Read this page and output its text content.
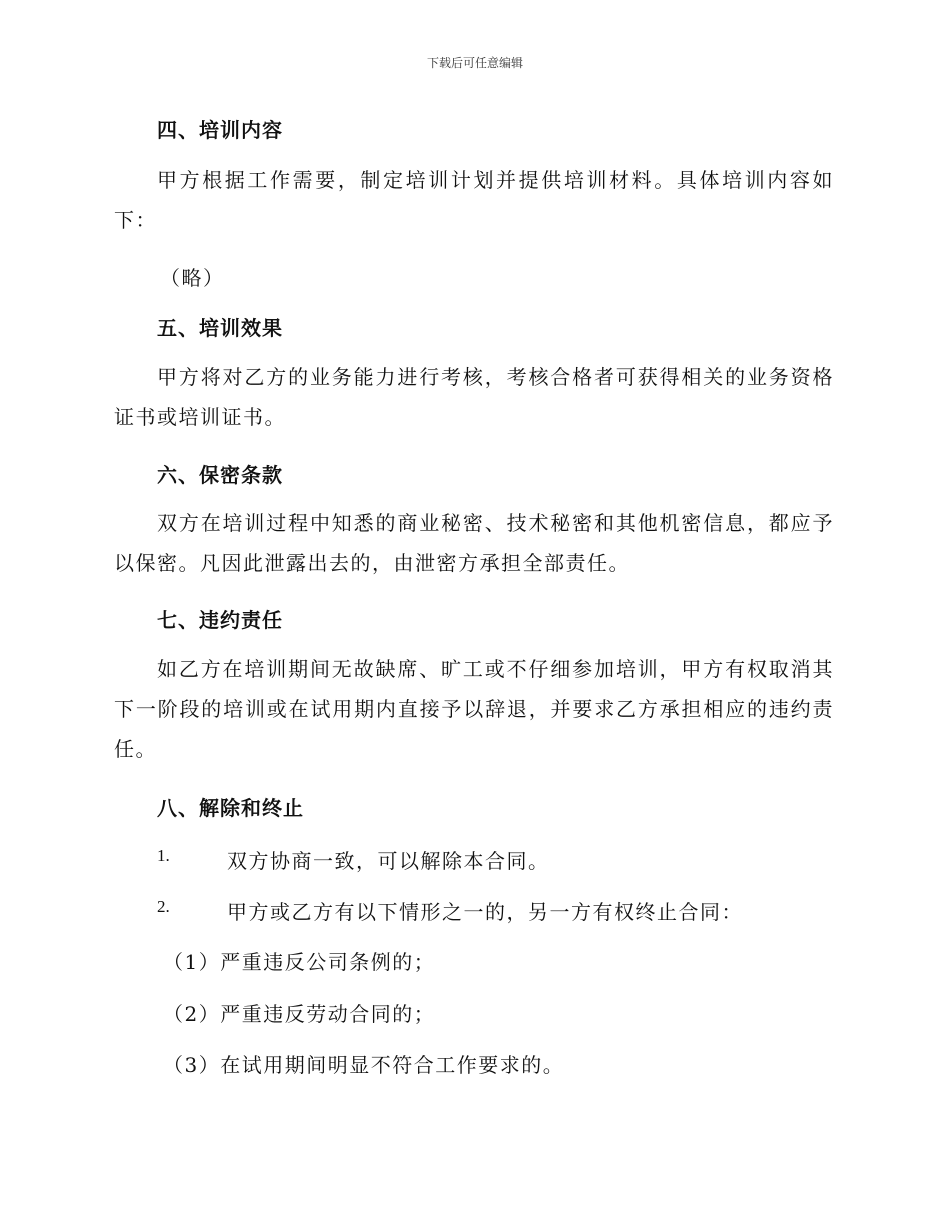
下载后可任意编辑
四、培训内容
甲方根据工作需要，制定培训计划并提供培训材料。具体培训内容如下：
（略）
五、培训效果
甲方将对乙方的业务能力进行考核，考核合格者可获得相关的业务资格证书或培训证书。
六、保密条款
双方在培训过程中知悉的商业秘密、技术秘密和其他机密信息，都应予以保密。凡因此泄露出去的，由泄密方承担全部责任。
七、违约责任
如乙方在培训期间无故缺席、旷工或不仔细参加培训，甲方有权取消其下一阶段的培训或在试用期内直接予以辞退，并要求乙方承担相应的违约责任。
八、解除和终止
1.	双方协商一致，可以解除本合同。
2.	甲方或乙方有以下情形之一的，另一方有权终止合同：
（1）严重违反公司条例的；
（2）严重违反劳动合同的；
（3）在试用期间明显不符合工作要求的。
